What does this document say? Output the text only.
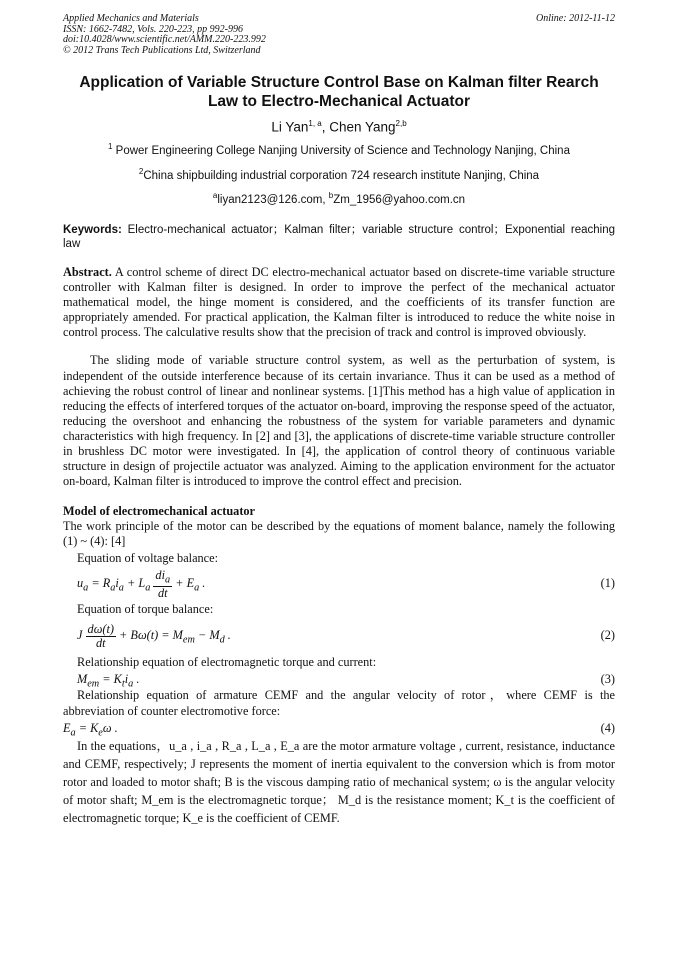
Applied Mechanics and Materials
ISSN: 1662-7482, Vols. 220-223, pp 992-996
doi:10.4028/www.scientific.net/AMM.220-223.992
© 2012 Trans Tech Publications Ltd, Switzerland
Online: 2012-11-12
Application of Variable Structure Control Base on Kalman filter Rearch Law to Electro-Mechanical Actuator
Li Yan$^{1, a}$, Chen Yang$^{2,b}$
$^1$ Power Engineering College Nanjing University of Science and Technology Nanjing, China
$^2$China shipbuilding industrial corporation 724 research institute Nanjing, China
$^a$liyan2123@126.com, $^b$Zm_1956@yahoo.com.cn
Keywords: Electro-mechanical actuator；Kalman filter；variable structure control；Exponential reaching law

Abstract. A control scheme of direct DC electro-mechanical actuator based on discrete-time variable structure controller with Kalman filter is designed. In order to improve the perfect of the mechanical actuator mathematical model, the hinge moment is considered, and the coefficients of its transfer function are appropriately amended. For practical application, the Kalman filter is introduced to reduce the white noise in control process. The calculative results show that the precision of track and control is improved obviously.

The sliding mode of variable structure control system, as well as the perturbation of system, is independent of the outside interference because of its certain invariance. Thus it can be used as a method of achieving the robust control of linear and nonlinear systems. [1]This method has a high value of application in reducing the effects of interfered torques of the actuator on-board, improving the response speed of the actuator, reducing the overshoot and enhancing the robustness of the system for variable parameters and dynamic characteristics with high frequency. In [2] and [3], the applications of discrete-time variable structure controller in brushless DC motor were investigated. In [4], the application of control theory of continuous variable structure in design of projectile actuator was analyzed. Aiming to the application environment for the actuator on-board, Kalman filter is introduced to improve the control effect and precision.

Model of electromechanical actuator

The work principle of the motor can be described by the equations of moment balance, namely the following (1) ~ (4): [4]

Equation of voltage balance:
$u_a = R_ai_a + L_a \frac{di_a}{dt} + E_a$ .	(1)
Equation of torque balance:
J $\frac{d\omega(t)}{dt} + B\omega(t) = M_{em} - M_d$ .	(2)
Relationship equation of electromagnetic torque and current:
$M_{em} = K_ti_a$ .	(3)

Relationship equation of armature CEMF and the angular velocity of rotor，where CEMF is the abbreviation of counter electromotive force:

$E_a = K_e\omega$ .	(4)

In the equations，u_a , i_a , R_a , L_a , E_a are the motor armature voltage , current, resistance, inductance and CEMF, respectively; J represents the moment of inertia equivalent to the conversion which is from motor rotor and loaded to motor shaft; B is the viscous damping ratio of mechanical system; ω is the angular velocity of motor shaft; M_em is the electromagnetic torque； M_d is the resistance moment; K_t is the coefficient of electromagnetic torque; K_e is the coefficient of CEMF.
